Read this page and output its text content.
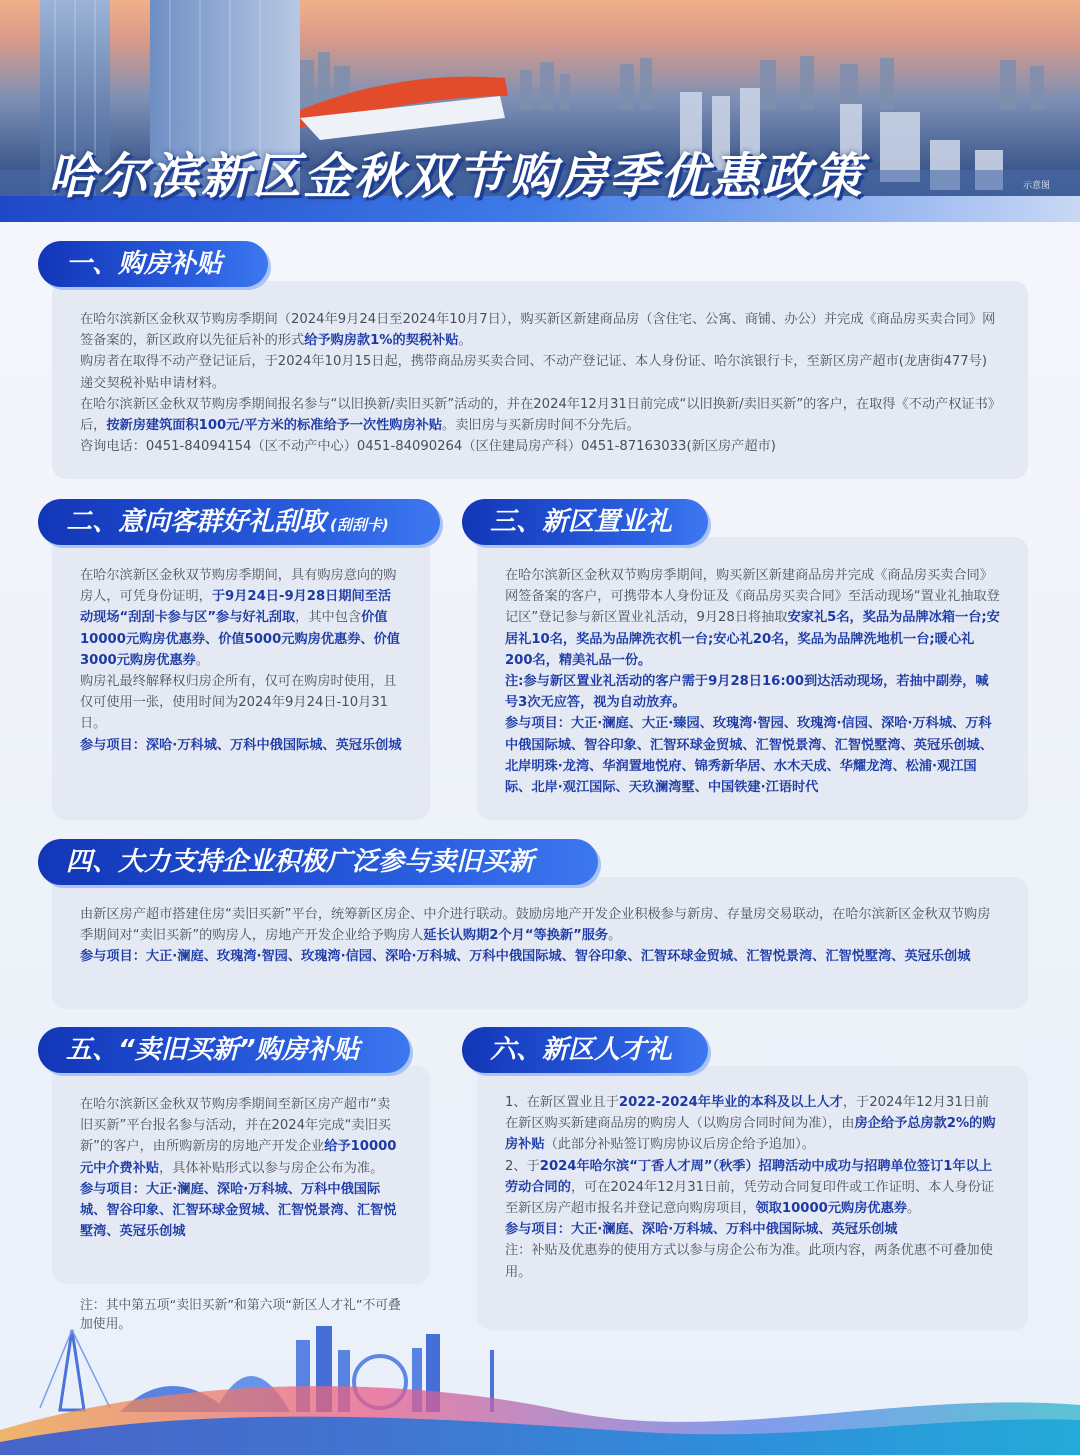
哈尔滨新区金秋双节购房季优惠政策	示意图
一、购房补贴

在哈尔滨新区金秋双节购房季期间（2024年9月24日至2024年10月7日），购买新区新建商品房（含住宅、公寓、商铺、办公）并完成《商品房买卖合同》网签备案的，新区政府以先征后补的形式给予购房款1%的契税补贴。

购房者在取得不动产登记证后，于2024年10月15日起，携带商品房买卖合同、不动产登记证、本人身份证、哈尔滨银行卡，至新区房产超市(龙唐街477号)递交契税补贴申请材料。

在哈尔滨新区金秋双节购房季期间报名参与“以旧换新/卖旧买新”活动的，并在2024年12月31日前完成“以旧换新/卖旧买新”的客户，在取得《不动产权证书》后，按新房建筑面积100元/平方米的标准给予一次性购房补贴。卖旧房与买新房时间不分先后。

咨询电话：0451-84094154（区不动产中心）0451-84090264（区住建局房产科）0451-87163033(新区房产超市)

二、意向客群好礼刮取 (刮刮卡)

在哈尔滨新区金秋双节购房季期间，具有购房意向的购房人，可凭身份证明，于9月24日-9月28日期间至活动现场“刮刮卡参与区”参与好礼刮取，其中包含价值10000元购房优惠券、价值5000元购房优惠券、价值3000元购房优惠券。

购房礼最终解释权归房企所有，仅可在购房时使用，且仅可使用一张，使用时间为2024年9月24日-10月31日。

参与项目：深哈·万科城、万科中俄国际城、英冠乐创城

三、新区置业礼

在哈尔滨新区金秋双节购房季期间，购买新区新建商品房并完成《商品房买卖合同》网签备案的客户，可携带本人身份证及《商品房买卖合同》至活动现场“置业礼抽取登记区”登记参与新区置业礼活动，9月28日将抽取安家礼5名，奖品为品牌冰箱一台;安居礼10名，奖品为品牌洗衣机一台;安心礼20名，奖品为品牌洗地机一台;暖心礼200名，精美礼品一份。

注:参与新区置业礼活动的客户需于9月28日16:00到达活动现场，若抽中副券，喊号3次无应答，视为自动放弃。

参与项目：大正·澜庭、大正·臻园、玫瑰湾·智园、玫瑰湾·信园、深哈·万科城、万科中俄国际城、智谷印象、汇智环球金贸城、汇智悦景湾、汇智悦墅湾、英冠乐创城、北岸明珠·龙湾、华润置地悦府、锦秀新华居、水木天成、华耀龙湾、松浦·观江国际、北岸·观江国际、天玖澜湾墅、中国铁建·江语时代

四、大力支持企业积极广泛参与卖旧买新

由新区房产超市搭建住房“卖旧买新”平台，统筹新区房企、中介进行联动。鼓励房地产开发企业积极参与新房、存量房交易联动，在哈尔滨新区金秋双节购房季期间对“卖旧买新”的购房人，房地产开发企业给予购房人延长认购期2个月“等换新”服务。

参与项目：大正·澜庭、玫瑰湾·智园、玫瑰湾·信园、深哈·万科城、万科中俄国际城、智谷印象、汇智环球金贸城、汇智悦景湾、汇智悦墅湾、英冠乐创城

五、“卖旧买新”购房补贴

在哈尔滨新区金秋双节购房季期间至新区房产超市“卖旧买新”平台报名参与活动，并在2024年完成“卖旧买新”的客户，由所购新房的房地产开发企业给予10000元中介费补贴，具体补贴形式以参与房企公布为准。

参与项目：大正·澜庭、深哈·万科城、万科中俄国际城、智谷印象、汇智环球金贸城、汇智悦景湾、汇智悦墅湾、英冠乐创城

六、新区人才礼

1、在新区置业且于2022-2024年毕业的本科及以上人才，于2024年12月31日前在新区购买新建商品房的购房人（以购房合同时间为准），由房企给予总房款2%的购房补贴（此部分补贴签订购房协议后房企给予追加）。

2、于2024年哈尔滨“丁香人才周”（秋季）招聘活动中成功与招聘单位签订1年以上劳动合同的，可在2024年12月31日前，凭劳动合同复印件或工作证明、本人身份证至新区房产超市报名并登记意向购房项目，领取10000元购房优惠券。

参与项目：大正·澜庭、深哈·万科城、万科中俄国际城、英冠乐创城

注：补贴及优惠券的使用方式以参与房企公布为准。此项内容，两条优惠不可叠加使用。

注：其中第五项“卖旧买新”和第六项“新区人才礼”不可叠加使用。
